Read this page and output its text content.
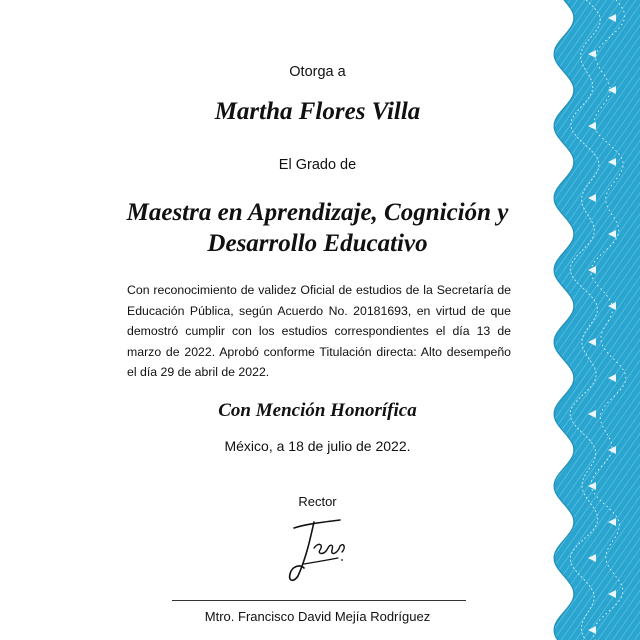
Otorga a
Martha Flores Villa
El Grado de
Maestra en Aprendizaje, Cognición y
Desarrollo Educativo
Con reconocimiento de validez Oficial de estudios de la Secretaría de Educación Pública, según Acuerdo No. 20181693, en virtud de que demostró cumplir con los estudios correspondientes el día 13 de marzo de 2022. Aprobó conforme Titulación directa: Alto desempeño el día 29 de abril de 2022.
Con Mención Honorífica
México, a 18 de julio de 2022.
Rector
Mtro. Francisco David Mejía Rodríguez
